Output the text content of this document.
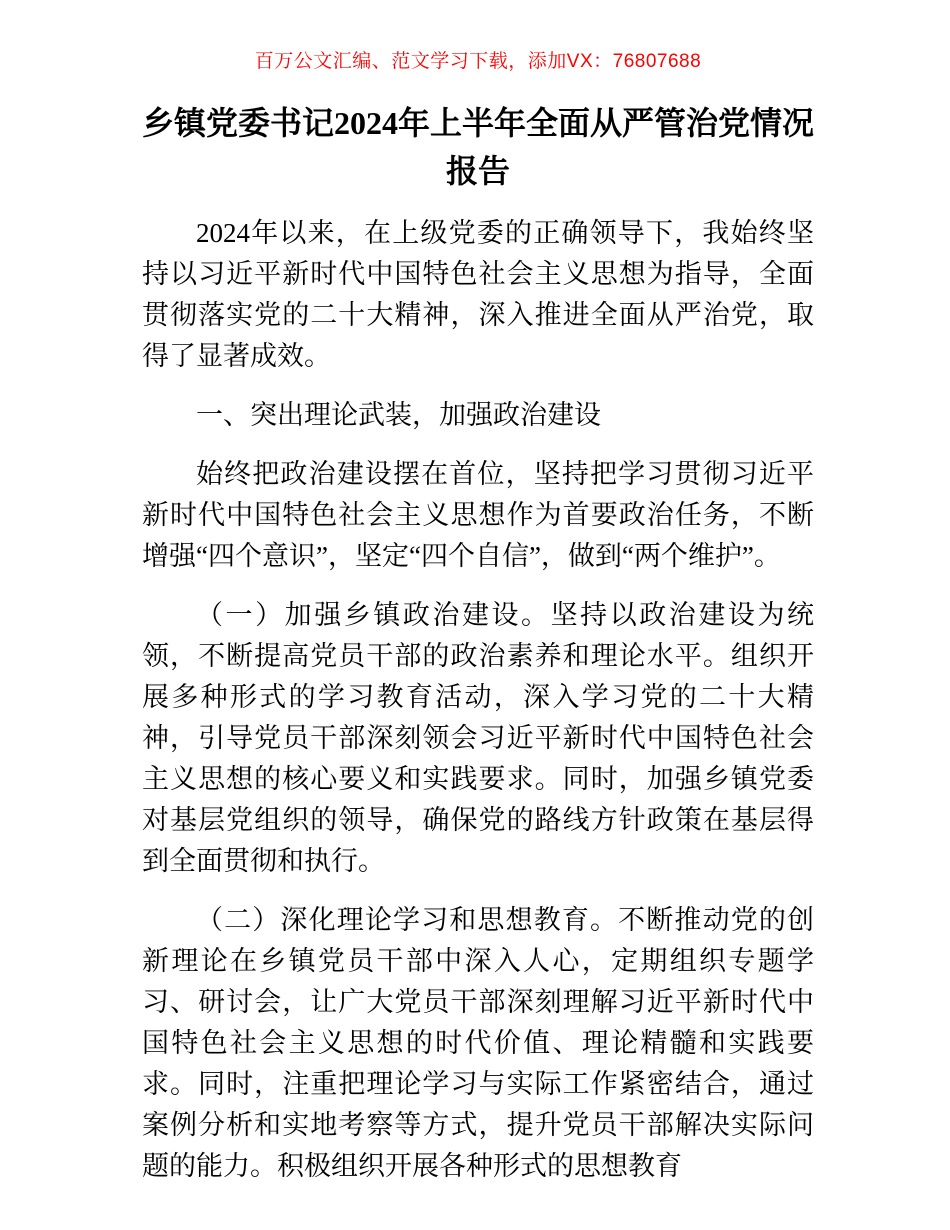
百万公文汇编、范文学习下载，添加VX：76807688

乡镇党委书记2024年上半年全面从严管治党情况报告

2024年以来，在上级党委的正确领导下，我始终坚持以习近平新时代中国特色社会主义思想为指导，全面贯彻落实党的二十大精神，深入推进全面从严治党，取得了显著成效。

一、突出理论武装，加强政治建设

始终把政治建设摆在首位，坚持把学习贯彻习近平新时代中国特色社会主义思想作为首要政治任务，不断增强“四个意识”，坚定“四个自信”，做到“两个维护”。

（一）加强乡镇政治建设。坚持以政治建设为统领，不断提高党员干部的政治素养和理论水平。组织开展多种形式的学习教育活动，深入学习党的二十大精神，引导党员干部深刻领会习近平新时代中国特色社会主义思想的核心要义和实践要求。同时，加强乡镇党委对基层党组织的领导，确保党的路线方针政策在基层得到全面贯彻和执行。

（二）深化理论学习和思想教育。不断推动党的创新理论在乡镇党员干部中深入人心，定期组织专题学习、研讨会，让广大党员干部深刻理解习近平新时代中国特色社会主义思想的时代价值、理论精髓和实践要求。同时，注重把理论学习与实际工作紧密结合，通过案例分析和实地考察等方式，提升党员干部解决实际问题的能力。积极组织开展各种形式的思想教育
